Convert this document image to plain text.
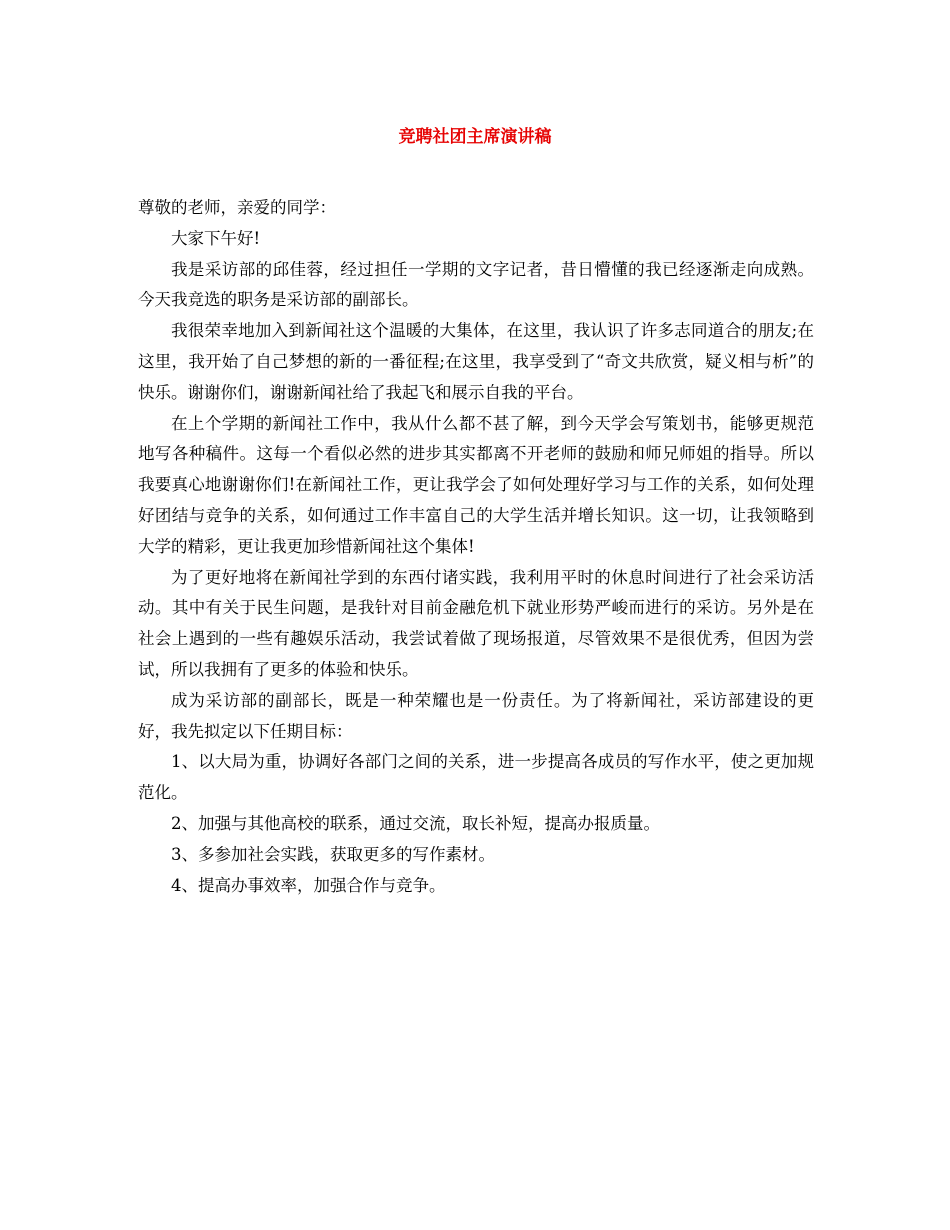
竞聘社团主席演讲稿

尊敬的老师，亲爱的同学：

大家下午好!

我是采访部的邱佳蓉，经过担任一学期的文字记者，昔日懵懂的我已经逐渐走向成熟。今天我竞选的职务是采访部的副部长。

我很荣幸地加入到新闻社这个温暖的大集体，在这里，我认识了许多志同道合的朋友;在这里，我开始了自己梦想的新的一番征程;在这里，我享受到了“奇文共欣赏，疑义相与析”的快乐。谢谢你们，谢谢新闻社给了我起飞和展示自我的平台。

在上个学期的新闻社工作中，我从什么都不甚了解，到今天学会写策划书，能够更规范地写各种稿件。这每一个看似必然的进步其实都离不开老师的鼓励和师兄师姐的指导。所以我要真心地谢谢你们!在新闻社工作，更让我学会了如何处理好学习与工作的关系，如何处理好团结与竞争的关系，如何通过工作丰富自己的大学生活并增长知识。这一切，让我领略到大学的精彩，更让我更加珍惜新闻社这个集体!

为了更好地将在新闻社学到的东西付诸实践，我利用平时的休息时间进行了社会采访活动。其中有关于民生问题，是我针对目前金融危机下就业形势严峻而进行的采访。另外是在社会上遇到的一些有趣娱乐活动，我尝试着做了现场报道，尽管效果不是很优秀，但因为尝试，所以我拥有了更多的体验和快乐。

成为采访部的副部长，既是一种荣耀也是一份责任。为了将新闻社，采访部建设的更好，我先拟定以下任期目标：

1、以大局为重，协调好各部门之间的关系，进一步提高各成员的写作水平，使之更加规范化。

2、加强与其他高校的联系，通过交流，取长补短，提高办报质量。

3、多参加社会实践，获取更多的写作素材。

4、提高办事效率，加强合作与竞争。
